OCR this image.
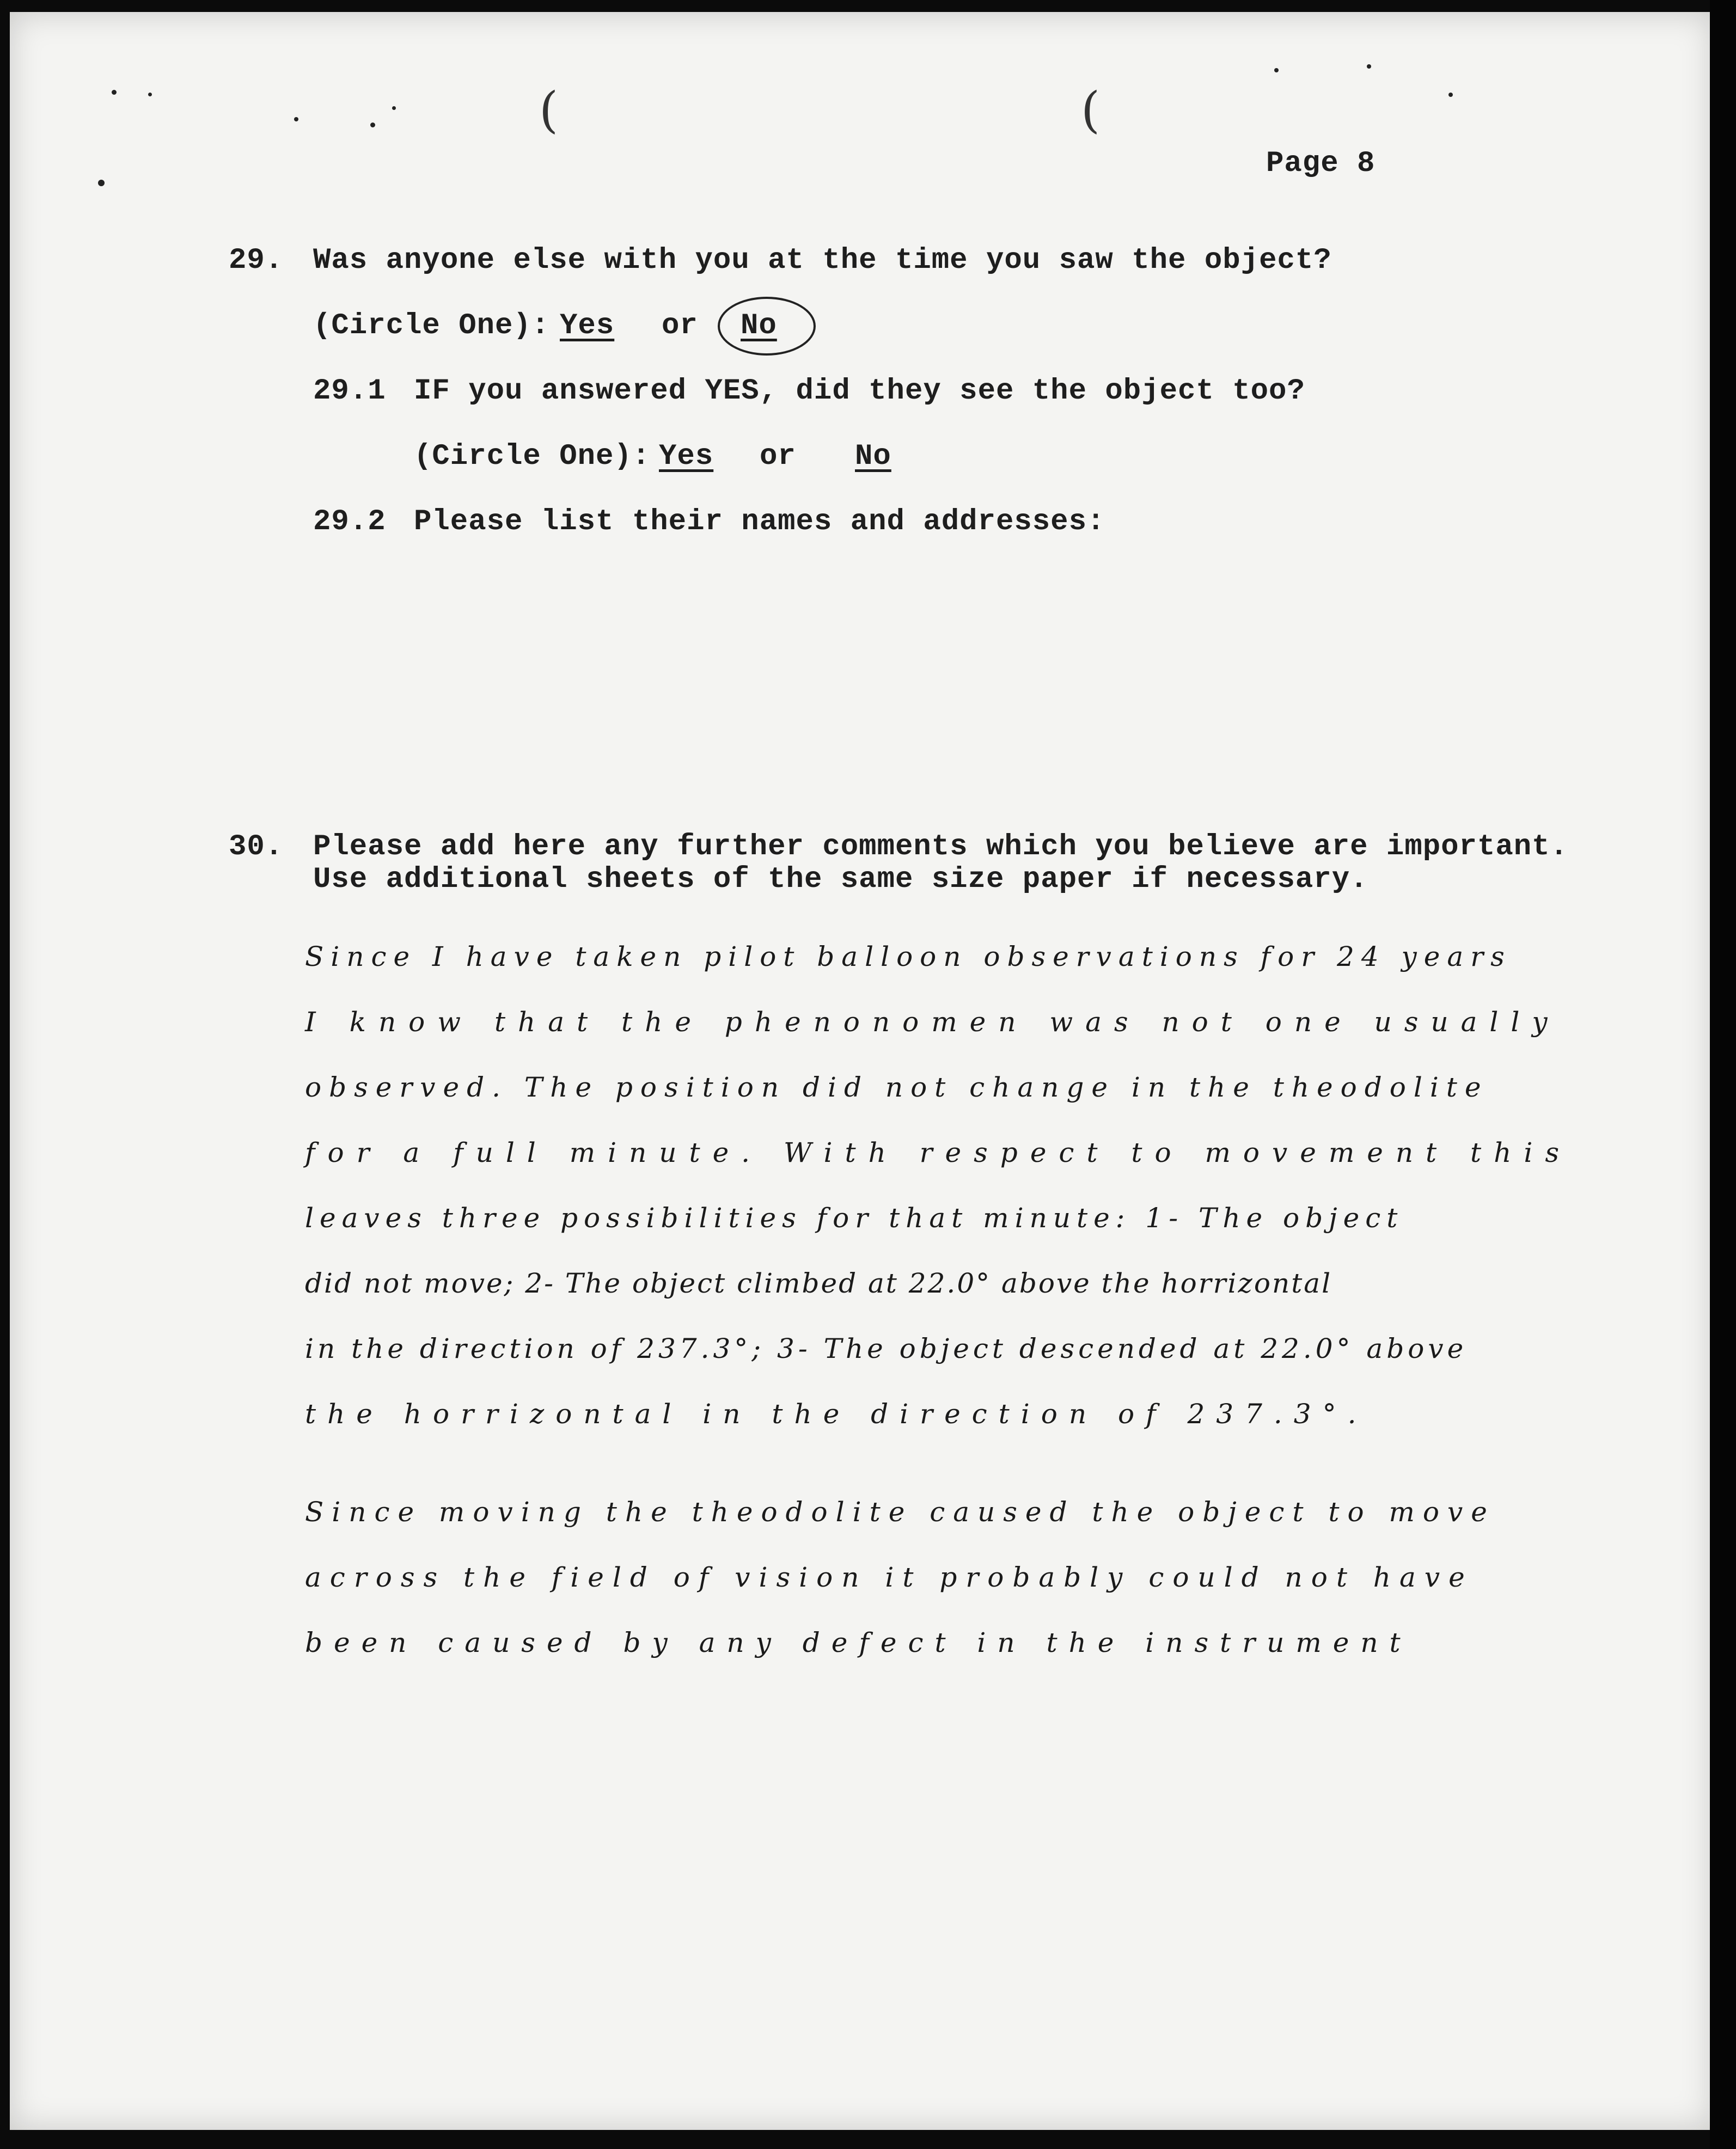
(	(
Page 8
29. Was anyone else with you at the time you saw the object?
(Circle One): Yes or No
29.1 IF you answered YES, did they see the object too?
(Circle One): Yes or No
29.2 Please list their names and addresses:
30. Please add here any further comments which you believe are important.
Use additional sheets of the same size paper if necessary.
Since I have taken pilot balloon observations for 24 years
I know that the phenonomen was not one usually
observed. The position did not change in the theodolite
for a full minute. With respect to movement this
leaves three possibilities for that minute: 1- The object
did not move; 2- The object climbed at 22.0° above the horrizontal
in the direction of 237.3°; 3- The object descended at 22.0° above
the horrizontal in the direction of 237.3°.
Since moving the theodolite caused the object to move
across the field of vision it probably could not have
been caused by any defect in the instrument
